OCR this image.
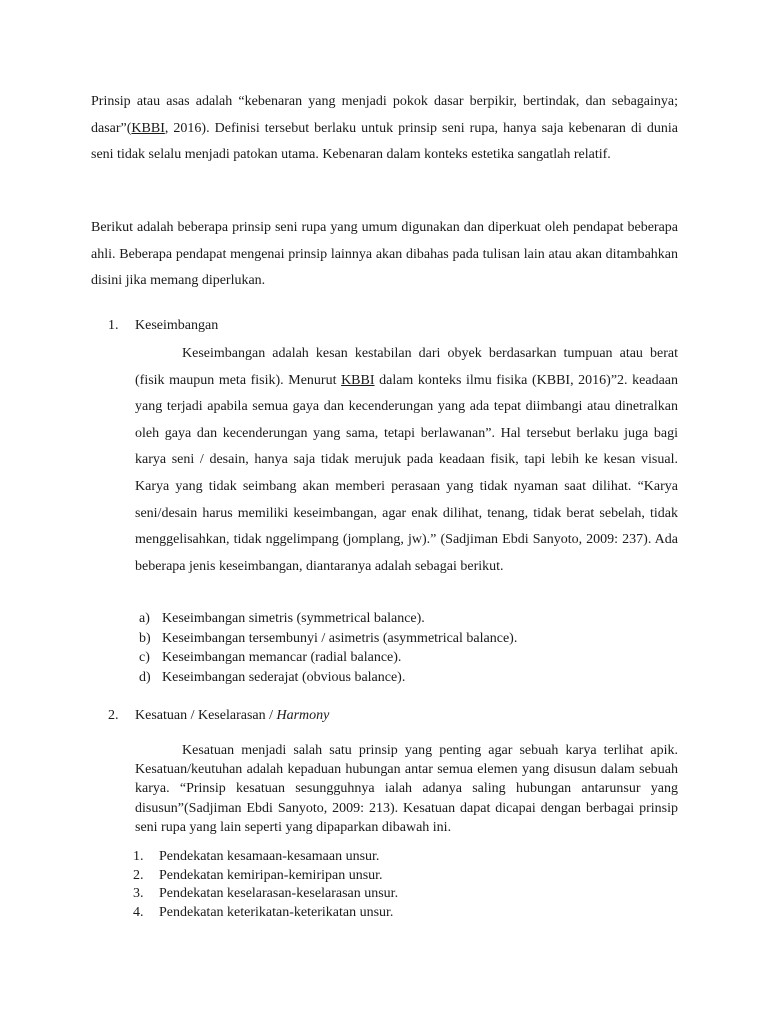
Prinsip atau asas adalah “kebenaran yang menjadi pokok dasar berpikir, bertindak, dan sebagainya; dasar”(KBBI, 2016). Definisi tersebut berlaku untuk prinsip seni rupa, hanya saja kebenaran di dunia seni tidak selalu menjadi patokan utama. Kebenaran dalam konteks estetika sangatlah relatif.

Berikut adalah beberapa prinsip seni rupa yang umum digunakan dan diperkuat oleh pendapat beberapa ahli. Beberapa pendapat mengenai prinsip lainnya akan dibahas pada tulisan lain atau akan ditambahkan disini jika memang diperlukan.

1. Keseimbangan

Keseimbangan adalah kesan kestabilan dari obyek berdasarkan tumpuan atau berat (fisik maupun meta fisik). Menurut KBBI dalam konteks ilmu fisika (KBBI, 2016)”2. keadaan yang terjadi apabila semua gaya dan kecenderungan yang ada tepat diimbangi atau dinetralkan oleh gaya dan kecenderungan yang sama, tetapi berlawanan”. Hal tersebut berlaku juga bagi karya seni / desain, hanya saja tidak merujuk pada keadaan fisik, tapi lebih ke kesan visual. Karya yang tidak seimbang akan memberi perasaan yang tidak nyaman saat dilihat. “Karya seni/desain harus memiliki keseimbangan, agar enak dilihat, tenang, tidak berat sebelah, tidak menggelisahkan, tidak nggelimpang (jomplang, jw).” (Sadjiman Ebdi Sanyoto, 2009: 237). Ada beberapa jenis keseimbangan, diantaranya adalah sebagai berikut.

a) Keseimbangan simetris (symmetrical balance).
b) Keseimbangan tersembunyi / asimetris (asymmetrical balance).
c) Keseimbangan memancar (radial balance).
d) Keseimbangan sederajat (obvious balance).
2. Kesatuan / Keselarasan / Harmony

Kesatuan menjadi salah satu prinsip yang penting agar sebuah karya terlihat apik. Kesatuan/keutuhan adalah kepaduan hubungan antar semua elemen yang disusun dalam sebuah karya. “Prinsip kesatuan sesungguhnya ialah adanya saling hubungan antarunsur yang disusun”(Sadjiman Ebdi Sanyoto, 2009: 213). Kesatuan dapat dicapai dengan berbagai prinsip seni rupa yang lain seperti yang dipaparkan dibawah ini.

1. Pendekatan kesamaan-kesamaan unsur.
2. Pendekatan kemiripan-kemiripan unsur.
3. Pendekatan keselarasan-keselarasan unsur.
4. Pendekatan keterikatan-keterikatan unsur.
